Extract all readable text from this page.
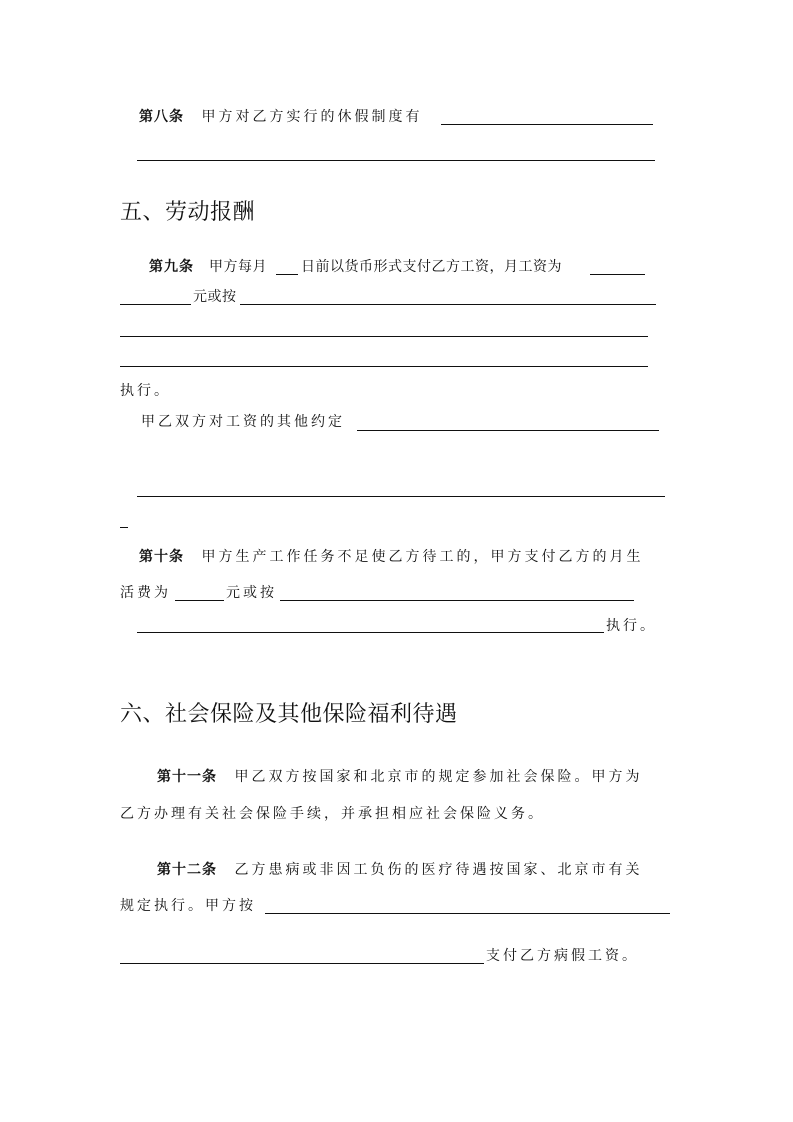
第八条 甲方对乙方实行的休假制度有
五、劳动报酬
第九条 甲方每月 日前以货币形式支付乙方工资，月工资为
元或按
执行。
甲乙双方对工资的其他约定
第十条 甲方生产工作任务不足使乙方待工的，甲方支付乙方的月生
活费为	元或按
执行。
六、社会保险及其他保险福利待遇
第十一条 甲乙双方按国家和北京市的规定参加社会保险。甲方为
乙方办理有关社会保险手续，并承担相应社会保险义务。
第十二条 乙方患病或非因工负伤的医疗待遇按国家、北京市有关
规定执行。甲方按
支付乙方病假工资。
